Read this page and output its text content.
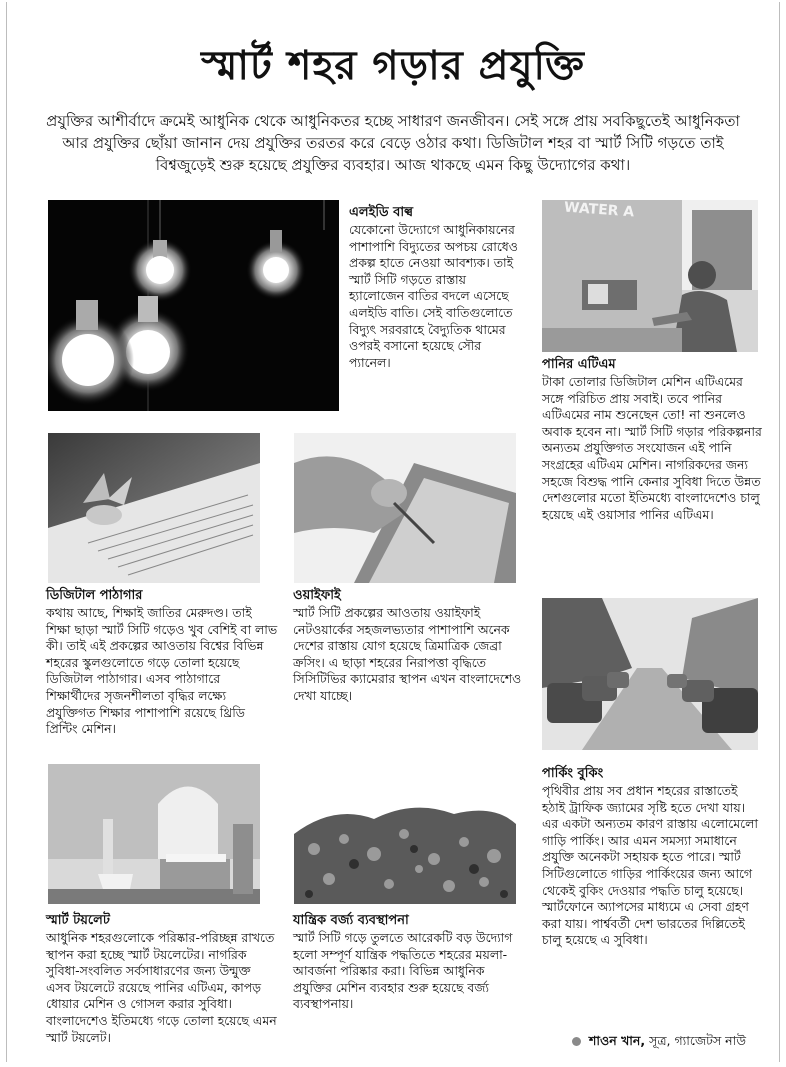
স্মার্ট শহর গড়ার প্রযুক্তি
প্রযুক্তির আশীর্বাদে ক্রমেই আধুনিক থেকে আধুনিকতর হচ্ছে সাধারণ জনজীবন। সেই সঙ্গে প্রায় সবকিছুতেই আধুনিকতা আর প্রযুক্তির ছোঁয়া জানান দেয় প্রযুক্তির তরতর করে বেড়ে ওঠার কথা। ডিজিটাল শহর বা স্মার্ট সিটি গড়তে তাই বিশ্বজুড়েই শুরু হয়েছে প্রযুক্তির ব্যবহার। আজ থাকছে এমন কিছু উদ্যোগের কথা।
এলইডি বাল্ব

যেকোনো উদ্যোগে আধুনিকায়নের পাশাপাশি বিদ্যুতের অপচয় রোধেও প্রকল্প হাতে নেওয়া আবশ্যক। তাই স্মার্ট সিটি গড়তে রাস্তায় হ্যালোজেন বাতির বদলে এসেছে এলইডি বাতি। সেই বাতিগুলোতে বিদ্যুৎ সরবরাহে বৈদ্যুতিক থামের ওপরই বসানো হয়েছে সৌর প্যানেল।

WATER A
পানির এটিএম

টাকা তোলার ডিজিটাল মেশিন এটিএমের সঙ্গে পরিচিত প্রায় সবাই। তবে পানির এটিএমের নাম শুনেছেন তো! না শুনলেও অবাক হবেন না। স্মার্ট সিটি গড়ার পরিকল্পনার অন্যতম প্রযুক্তিগত সংযোজন এই পানি সংগ্রহের এটিএম মেশিন। নাগরিকদের জন্য সহজে বিশুদ্ধ পানি কেনার সুবিধা দিতে উন্নত দেশগুলোর মতো ইতিমধ্যে বাংলাদেশেও চালু হয়েছে এই ওয়াসার পানির এটিএম।

ডিজিটাল পাঠাগার

কথায় আছে, শিক্ষাই জাতির মেরুদণ্ড। তাই শিক্ষা ছাড়া স্মার্ট সিটি গড়েও খুব বেশিই বা লাভ কী। তাই এই প্রকল্পের আওতায় বিশ্বের বিভিন্ন শহরের স্কুলগুলোতে গড়ে তোলা হয়েছে ডিজিটাল পাঠাগার। এসব পাঠাগারে শিক্ষার্থীদের সৃজনশীলতা বৃদ্ধির লক্ষ্যে প্রযুক্তিগত শিক্ষার পাশাপাশি রয়েছে থ্রিডি প্রিন্টিং মেশিন।

ওয়াইফাই

স্মার্ট সিটি প্রকল্পের আওতায় ওয়াইফাই নেটওয়ার্কের সহজলভ্যতার পাশাপাশি অনেক দেশের রাস্তায় যোগ হয়েছে ত্রিমাত্রিক জেব্রা ক্রসিং। এ ছাড়া শহরের নিরাপত্তা বৃদ্ধিতে সিসিটিভির ক্যামেরার স্থাপন এখন বাংলাদেশেও দেখা যাচ্ছে।

পার্কিং বুকিং

পৃথিবীর প্রায় সব প্রধান শহরের রাস্তাতেই হঠাই ট্রাফিক জ্যামের সৃষ্টি হতে দেখা যায়। এর একটা অন্যতম কারণ রাস্তায় এলোমেলো গাড়ি পার্কিং। আর এমন সমস্যা সমাধানে প্রযুক্তি অনেকটা সহায়ক হতে পারে। স্মার্ট সিটিগুলোতে গাড়ির পার্কিংয়ের জন্য আগে থেকেই বুকিং দেওয়ার পদ্ধতি চালু হয়েছে। স্মার্টফোনে অ্যাপসের মাধ্যমে এ সেবা গ্রহণ করা যায়। পার্শ্ববর্তী দেশ ভারতের দিল্লিতেই চালু হয়েছে এ সুবিধা।

স্মার্ট টয়লেট

আধুনিক শহরগুলোকে পরিষ্কার-পরিচ্ছন্ন রাখতে স্থাপন করা হচ্ছে স্মার্ট টয়লেটের। নাগরিক সুবিধা-সংবলিত সর্বসাধারণের জন্য উন্মুক্ত এসব টয়লেটে রয়েছে পানির এটিএম, কাপড় ধোয়ার মেশিন ও গোসল করার সুবিধা। বাংলাদেশেও ইতিমধ্যে গড়ে তোলা হয়েছে এমন স্মার্ট টয়লেট।

যান্ত্রিক বর্জ্য ব্যবস্থাপনা

স্মার্ট সিটি গড়ে তুলতে আরেকটি বড় উদ্যোগ হলো সম্পূর্ণ যান্ত্রিক পদ্ধতিতে শহরের ময়লা-আবর্জনা পরিষ্কার করা। বিভিন্ন আধুনিক প্রযুক্তির মেশিন ব্যবহার শুরু হয়েছে বর্জ্য ব্যবস্থাপনায়।

শাওন খান, সূত্র, গ্যাজেটস নাউ
